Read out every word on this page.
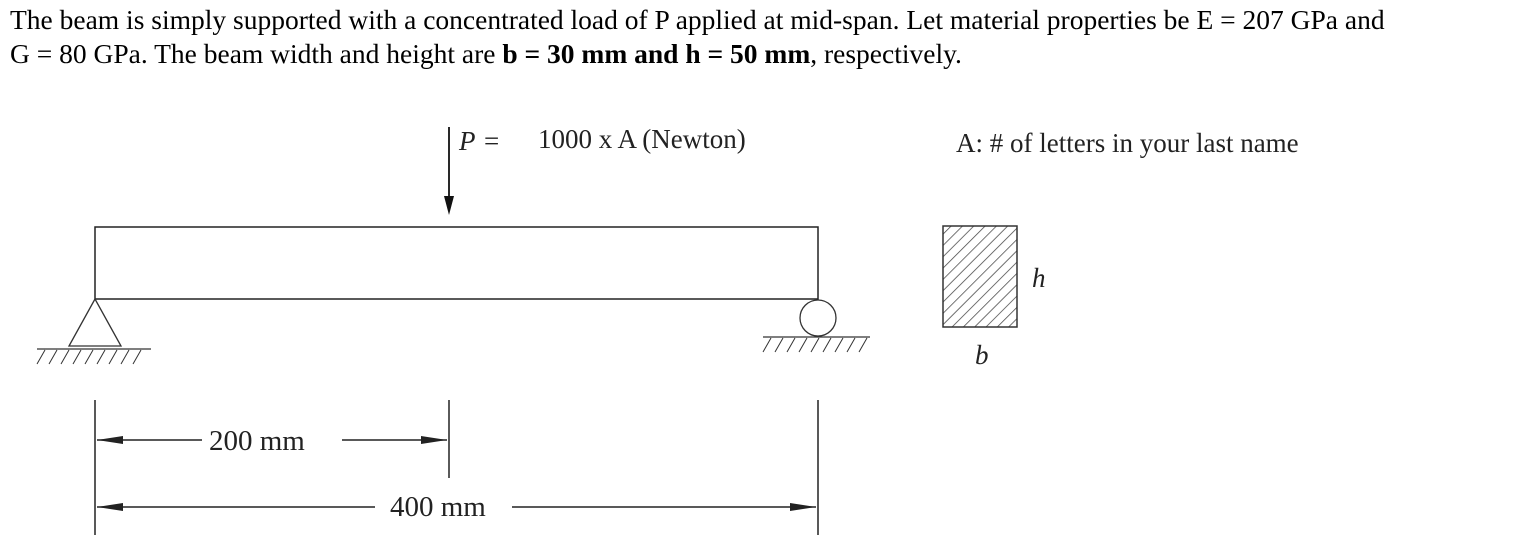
The beam is simply supported with a concentrated load of P applied at mid-span. Let material properties be E = 207 GPa and
G = 80 GPa. The beam width and height are b = 30 mm and h = 50 mm, respectively.

P = 1000 x A (Newton)	A: # of letters in your last name
h
b
200 mm
400 mm
